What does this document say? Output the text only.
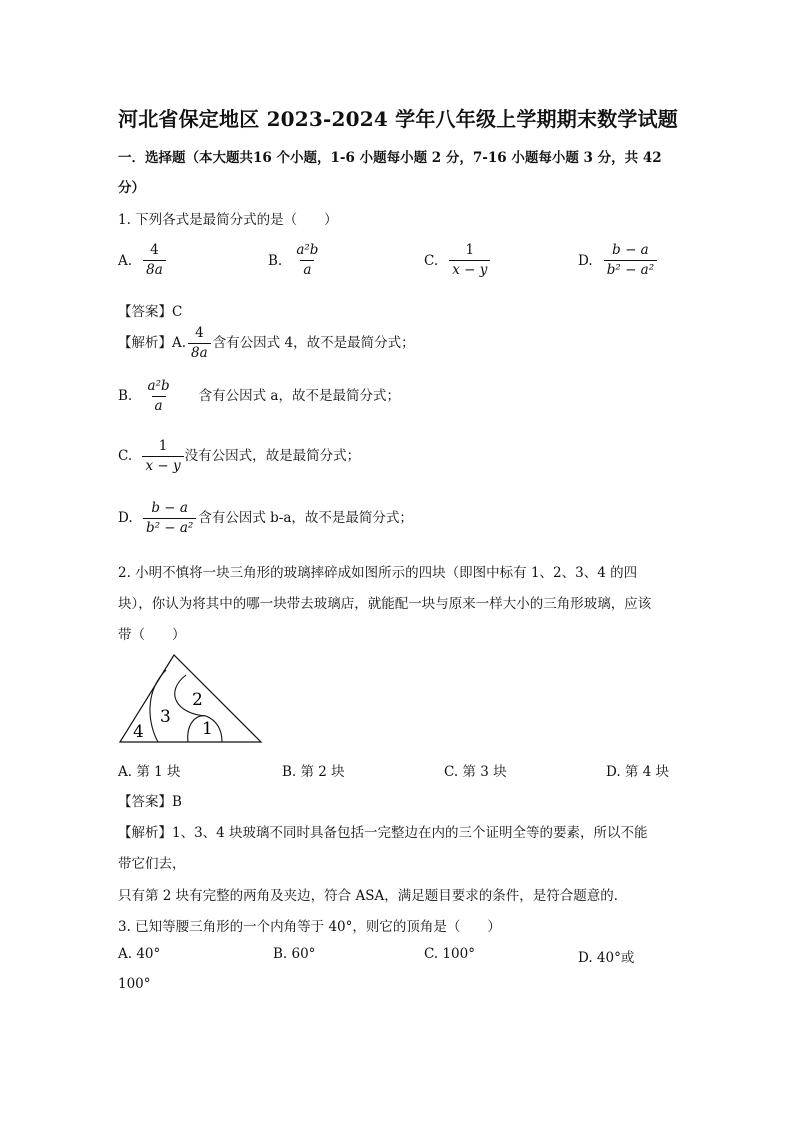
河北省保定地区 2023-2024 学年八年级上学期期末数学试题
一．选择题（本大题共16 个小题，1-6 小题每小题 2 分，7-16 小题每小题 3 分，共 42
分）
1. 下列各式是最简分式的是（　　）
A. $\frac{4}{8a}$	B. $\frac{\text{a²b}}{a}$	C. $\frac{1}{x - y}$	D. $\frac{b - a}{\text{b² − a²}}$
【答案】C
【解析】A. $\frac{4}{8a}$ 含有公因式 4，故不是最简分式；
B. $\frac{\text{a²b}}{a}$ 含有公因式 a，故不是最简分式；
C. $\frac{1}{x - y}$ 没有公因式，故是最简分式；
D. $\frac{b - a}{\text{b² − a²}}$ 含有公因式 b-a，故不是最简分式；
2. 小明不慎将一块三角形的玻璃摔碎成如图所示的四块（即图中标有 1、2、3、4 的四
块），你认为将其中的哪一块带去玻璃店，就能配一块与原来一样大小的三角形玻璃，应该
带（　　）
1
2
3
4
A. 第 1 块	B. 第 2 块	C. 第 3 块	D. 第 4 块
【答案】B
【解析】1、3、4 块玻璃不同时具备包括一完整边在内的三个证明全等的要素，所以不能
带它们去，
只有第 2 块有完整的两角及夹边，符合 ASA，满足题目要求的条件，是符合题意的．
3. 已知等腰三角形的一个内角等于 40°，则它的顶角是（　　）
A. 40°	B. 60°	C. 100°	D. 40°或
100°
